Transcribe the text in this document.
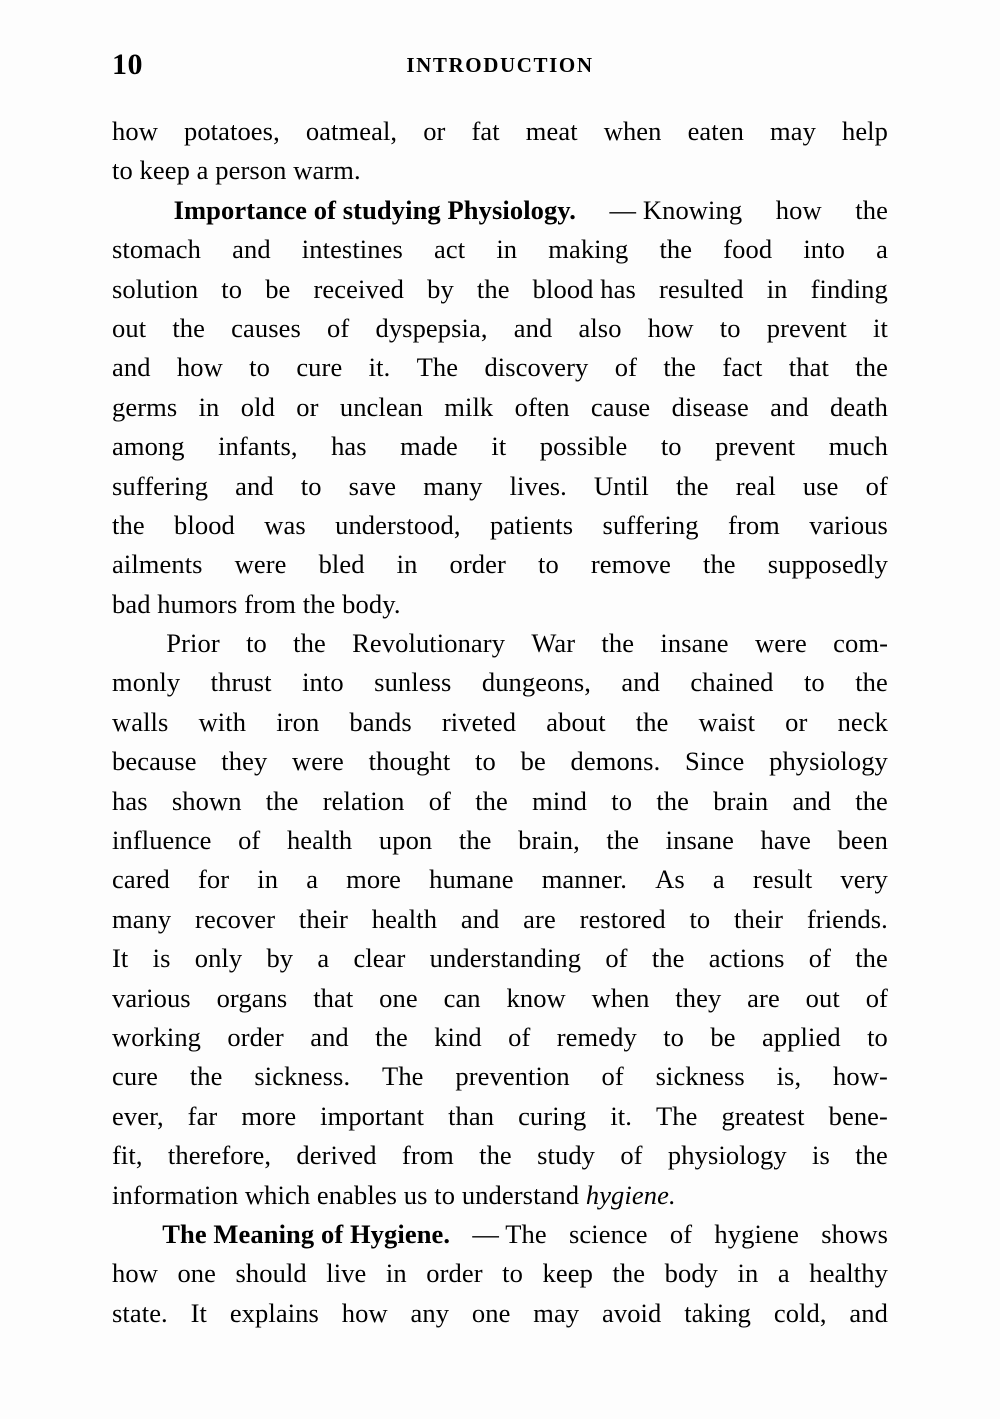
10	INTRODUCTION
how potatoes, oatmeal, or fat meat when eaten may help
to keep a person warm.
Importance of studying Physiology. — Knowing how the
stomach and intestines act in making the food into a
solution to be received by the blood has resulted in finding
out the causes of dyspepsia, and also how to prevent it
and how to cure it. The discovery of the fact that the
germs in old or unclean milk often cause disease and death
among infants, has made it possible to prevent much
suffering and to save many lives. Until the real use of
the blood was understood, patients suffering from various
ailments were bled in order to remove the supposedly
bad humors from the body.
Prior to the Revolutionary War the insane were com-
monly thrust into sunless dungeons, and chained to the
walls with iron bands riveted about the waist or neck
because they were thought to be demons. Since physiology
has shown the relation of the mind to the brain and the
influence of health upon the brain, the insane have been
cared for in a more humane manner. As a result very
many recover their health and are restored to their friends.
It is only by a clear understanding of the actions of the
various organs that one can know when they are out of
working order and the kind of remedy to be applied to
cure the sickness. The prevention of sickness is, how-
ever, far more important than curing it. The greatest bene-
fit, therefore, derived from the study of physiology is the
information which enables us to understand hygiene.
The Meaning of Hygiene. — The science of hygiene shows
how one should live in order to keep the body in a healthy
state. It explains how any one may avoid taking cold, and
